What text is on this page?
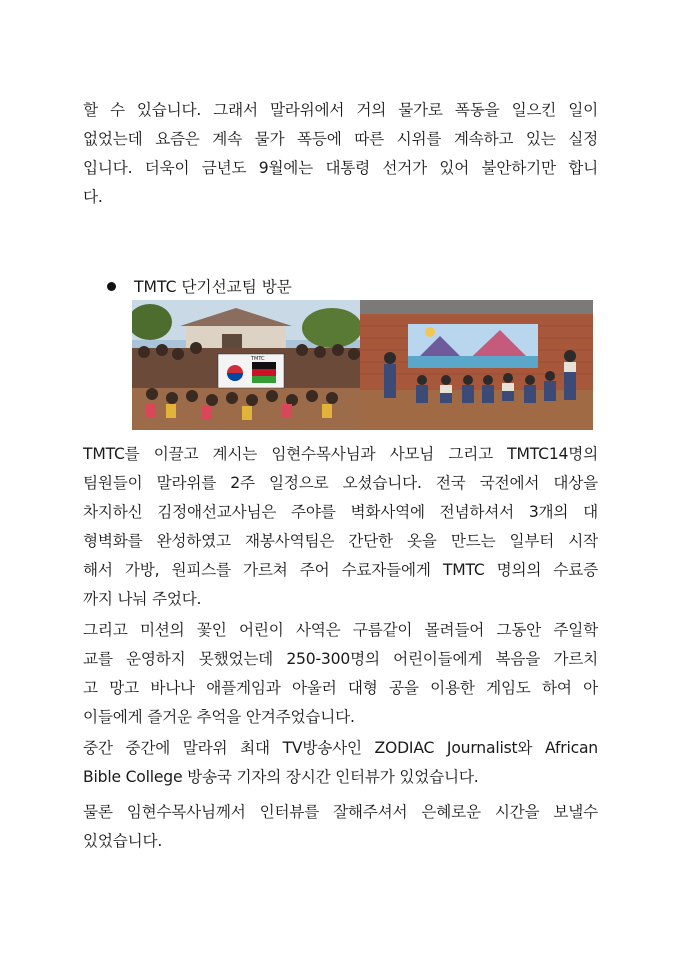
할 수 있습니다. 그래서 말라위에서 거의 물가로 폭동을 일으킨 일이
없었는데 요즘은 계속 물가 폭등에 따른 시위를 계속하고 있는 실정
입니다. 더욱이 금년도 9월에는 대통령 선거가 있어 불안하기만 합니
다.
TMTC 단기선교팀 방문
TMTC
TMTC를 이끌고 계시는 임현수목사님과 사모님 그리고 TMTC14명의
팀원들이 말라위를 2주 일정으로 오셨습니다. 전국 국전에서 대상을
차지하신 김정애선교사님은 주야를 벽화사역에 전념하셔서 3개의 대
형벽화를 완성하였고 재봉사역팀은 간단한 옷을 만드는 일부터 시작
해서 가방, 원피스를 가르쳐 주어 수료자들에게 TMTC 명의의 수료증
까지 나눠 주었다.
그리고 미션의 꽃인 어린이 사역은 구름같이 몰려들어 그동안 주일학
교를 운영하지 못했었는데 250-300명의 어린이들에게 복음을 가르치
고 망고 바나나 애플게임과 아울러 대형 공을 이용한 게임도 하여 아
이들에게 즐거운 추억을 안겨주었습니다.
중간 중간에 말라위 최대 TV방송사인 ZODIAC Journalist와 African
Bible College 방송국 기자의 장시간 인터뷰가 있었습니다.
물론 임현수목사님께서 인터뷰를 잘해주셔서 은혜로운 시간을 보낼수
있었습니다.
